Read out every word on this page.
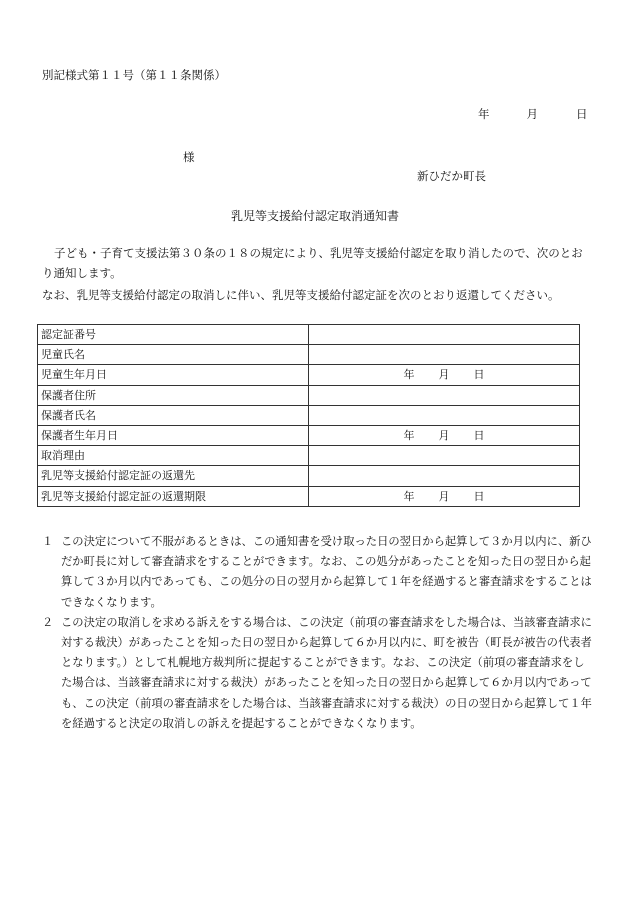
別記様式第１１号（第１１条関係）
年	月	日
様
新ひだか町長
乳児等支援給付認定取消通知書
子ども・子育て支援法第３０条の１８の規定により、乳児等支援給付認定を取り消したので、次のとおり通知します。
なお、乳児等支援給付認定の取消しに伴い、乳児等支援給付認定証を次のとおり返還してください。
認定証番号	
児童氏名	
児童生年月日	年 月 日
保護者住所	
保護者氏名	
保護者生年月日	年 月 日
取消理由	
乳児等支援給付認定証の返還先	
乳児等支援給付認定証の返還期限	年 月 日

１ この決定について不服があるときは、この通知書を受け取った日の翌日から起算して３か月以内に、新ひだか町長に対して審査請求をすることができます。なお、この処分があったことを知った日の翌日から起算して３か月以内であっても、この処分の日の翌月から起算して１年を経過すると審査請求をすることはできなくなります。

２ この決定の取消しを求める訴えをする場合は、この決定（前項の審査請求をした場合は、当該審査請求に対する裁決）があったことを知った日の翌日から起算して６か月以内に、町を被告（町長が被告の代表者となります。）として札幌地方裁判所に提起することができます。なお、この決定（前項の審査請求をした場合は、当該審査請求に対する裁決）があったことを知った日の翌日から起算して６か月以内であっても、この決定（前項の審査請求をした場合は、当該審査請求に対する裁決）の日の翌日から起算して１年を経過すると決定の取消しの訴えを提起することができなくなります。
